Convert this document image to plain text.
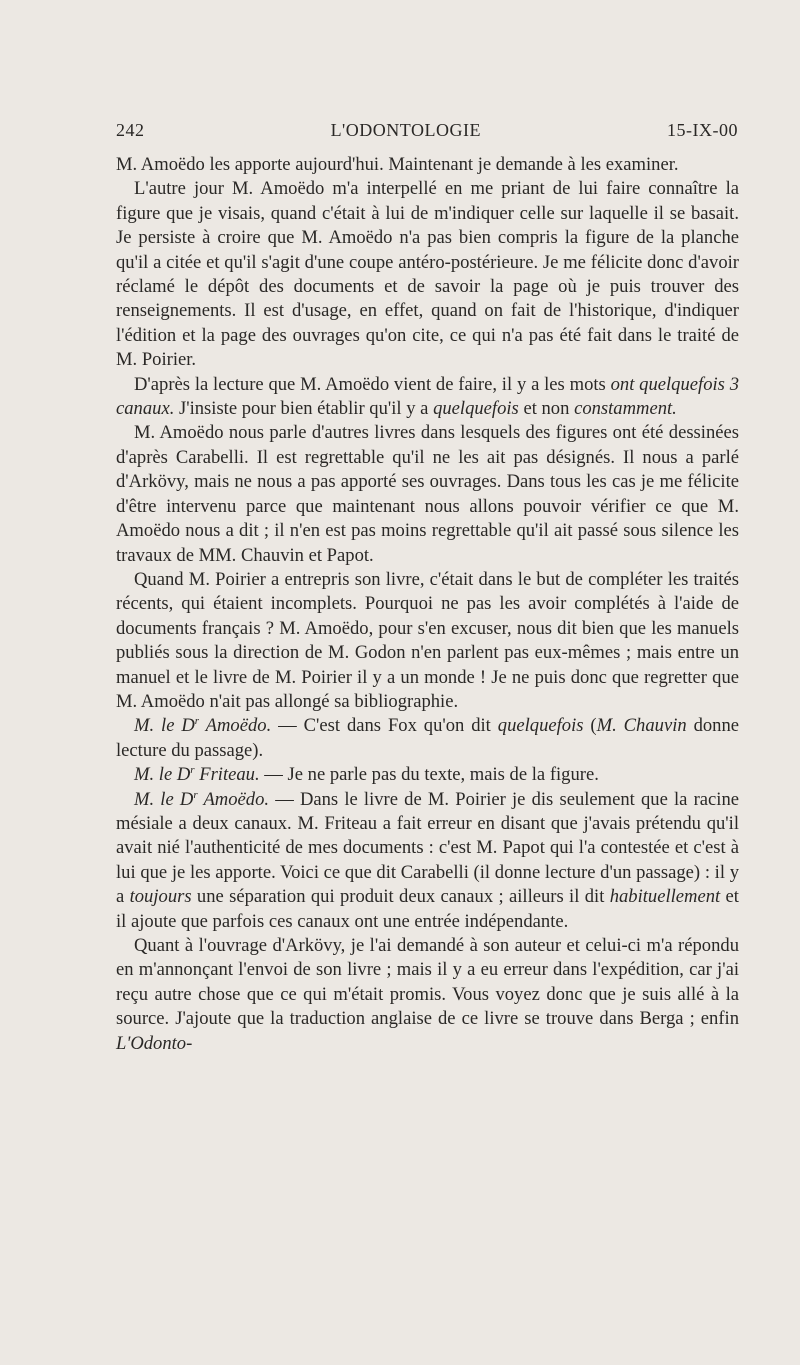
242	L'ODONTOLOGIE	15-IX-00

M. Amoëdo les apporte aujourd'hui. Maintenant je demande à les examiner.

L'autre jour M. Amoëdo m'a interpellé en me priant de lui faire connaître la figure que je visais, quand c'était à lui de m'indiquer celle sur laquelle il se basait. Je persiste à croire que M. Amoëdo n'a pas bien compris la figure de la planche qu'il a citée et qu'il s'agit d'une coupe antéro-postérieure. Je me félicite donc d'avoir réclamé le dépôt des documents et de savoir la page où je puis trouver des renseignements. Il est d'usage, en effet, quand on fait de l'historique, d'indiquer l'édition et la page des ouvrages qu'on cite, ce qui n'a pas été fait dans le traité de M. Poirier.

D'après la lecture que M. Amoëdo vient de faire, il y a les mots ont quelquefois 3 canaux. J'insiste pour bien établir qu'il y a quelquefois et non constamment.

M. Amoëdo nous parle d'autres livres dans lesquels des figures ont été dessinées d'après Carabelli. Il est regrettable qu'il ne les ait pas désignés. Il nous a parlé d'Arkövy, mais ne nous a pas apporté ses ouvrages. Dans tous les cas je me félicite d'être intervenu parce que maintenant nous allons pouvoir vérifier ce que M. Amoëdo nous a dit ; il n'en est pas moins regrettable qu'il ait passé sous silence les travaux de MM. Chauvin et Papot.

Quand M. Poirier a entrepris son livre, c'était dans le but de compléter les traités récents, qui étaient incomplets. Pourquoi ne pas les avoir complétés à l'aide de documents français ? M. Amoëdo, pour s'en excuser, nous dit bien que les manuels publiés sous la direction de M. Godon n'en parlent pas eux-mêmes ; mais entre un manuel et le livre de M. Poirier il y a un monde ! Je ne puis donc que regretter que M. Amoëdo n'ait pas allongé sa bibliographie.

M. le $D^r$ Amoëdo. — C'est dans Fox qu'on dit quelquefois (M. Chauvin donne lecture du passage).

M. le $D^r$ Friteau. — Je ne parle pas du texte, mais de la figure.

M. le $D^r$ Amoëdo. — Dans le livre de M. Poirier je dis seulement que la racine mésiale a deux canaux. M. Friteau a fait erreur en disant que j'avais prétendu qu'il avait nié l'authenticité de mes documents : c'est M. Papot qui l'a contestée et c'est à lui que je les apporte. Voici ce que dit Carabelli (il donne lecture d'un passage) : il y a toujours une séparation qui produit deux canaux ; ailleurs il dit habituellement et il ajoute que parfois ces canaux ont une entrée indépendante.

Quant à l'ouvrage d'Arkövy, je l'ai demandé à son auteur et celui-ci m'a répondu en m'annonçant l'envoi de son livre ; mais il y a eu erreur dans l'expédition, car j'ai reçu autre chose que ce qui m'était promis. Vous voyez donc que je suis allé à la source. J'ajoute que la traduction anglaise de ce livre se trouve dans Berga ; enfin L'Odonto-
